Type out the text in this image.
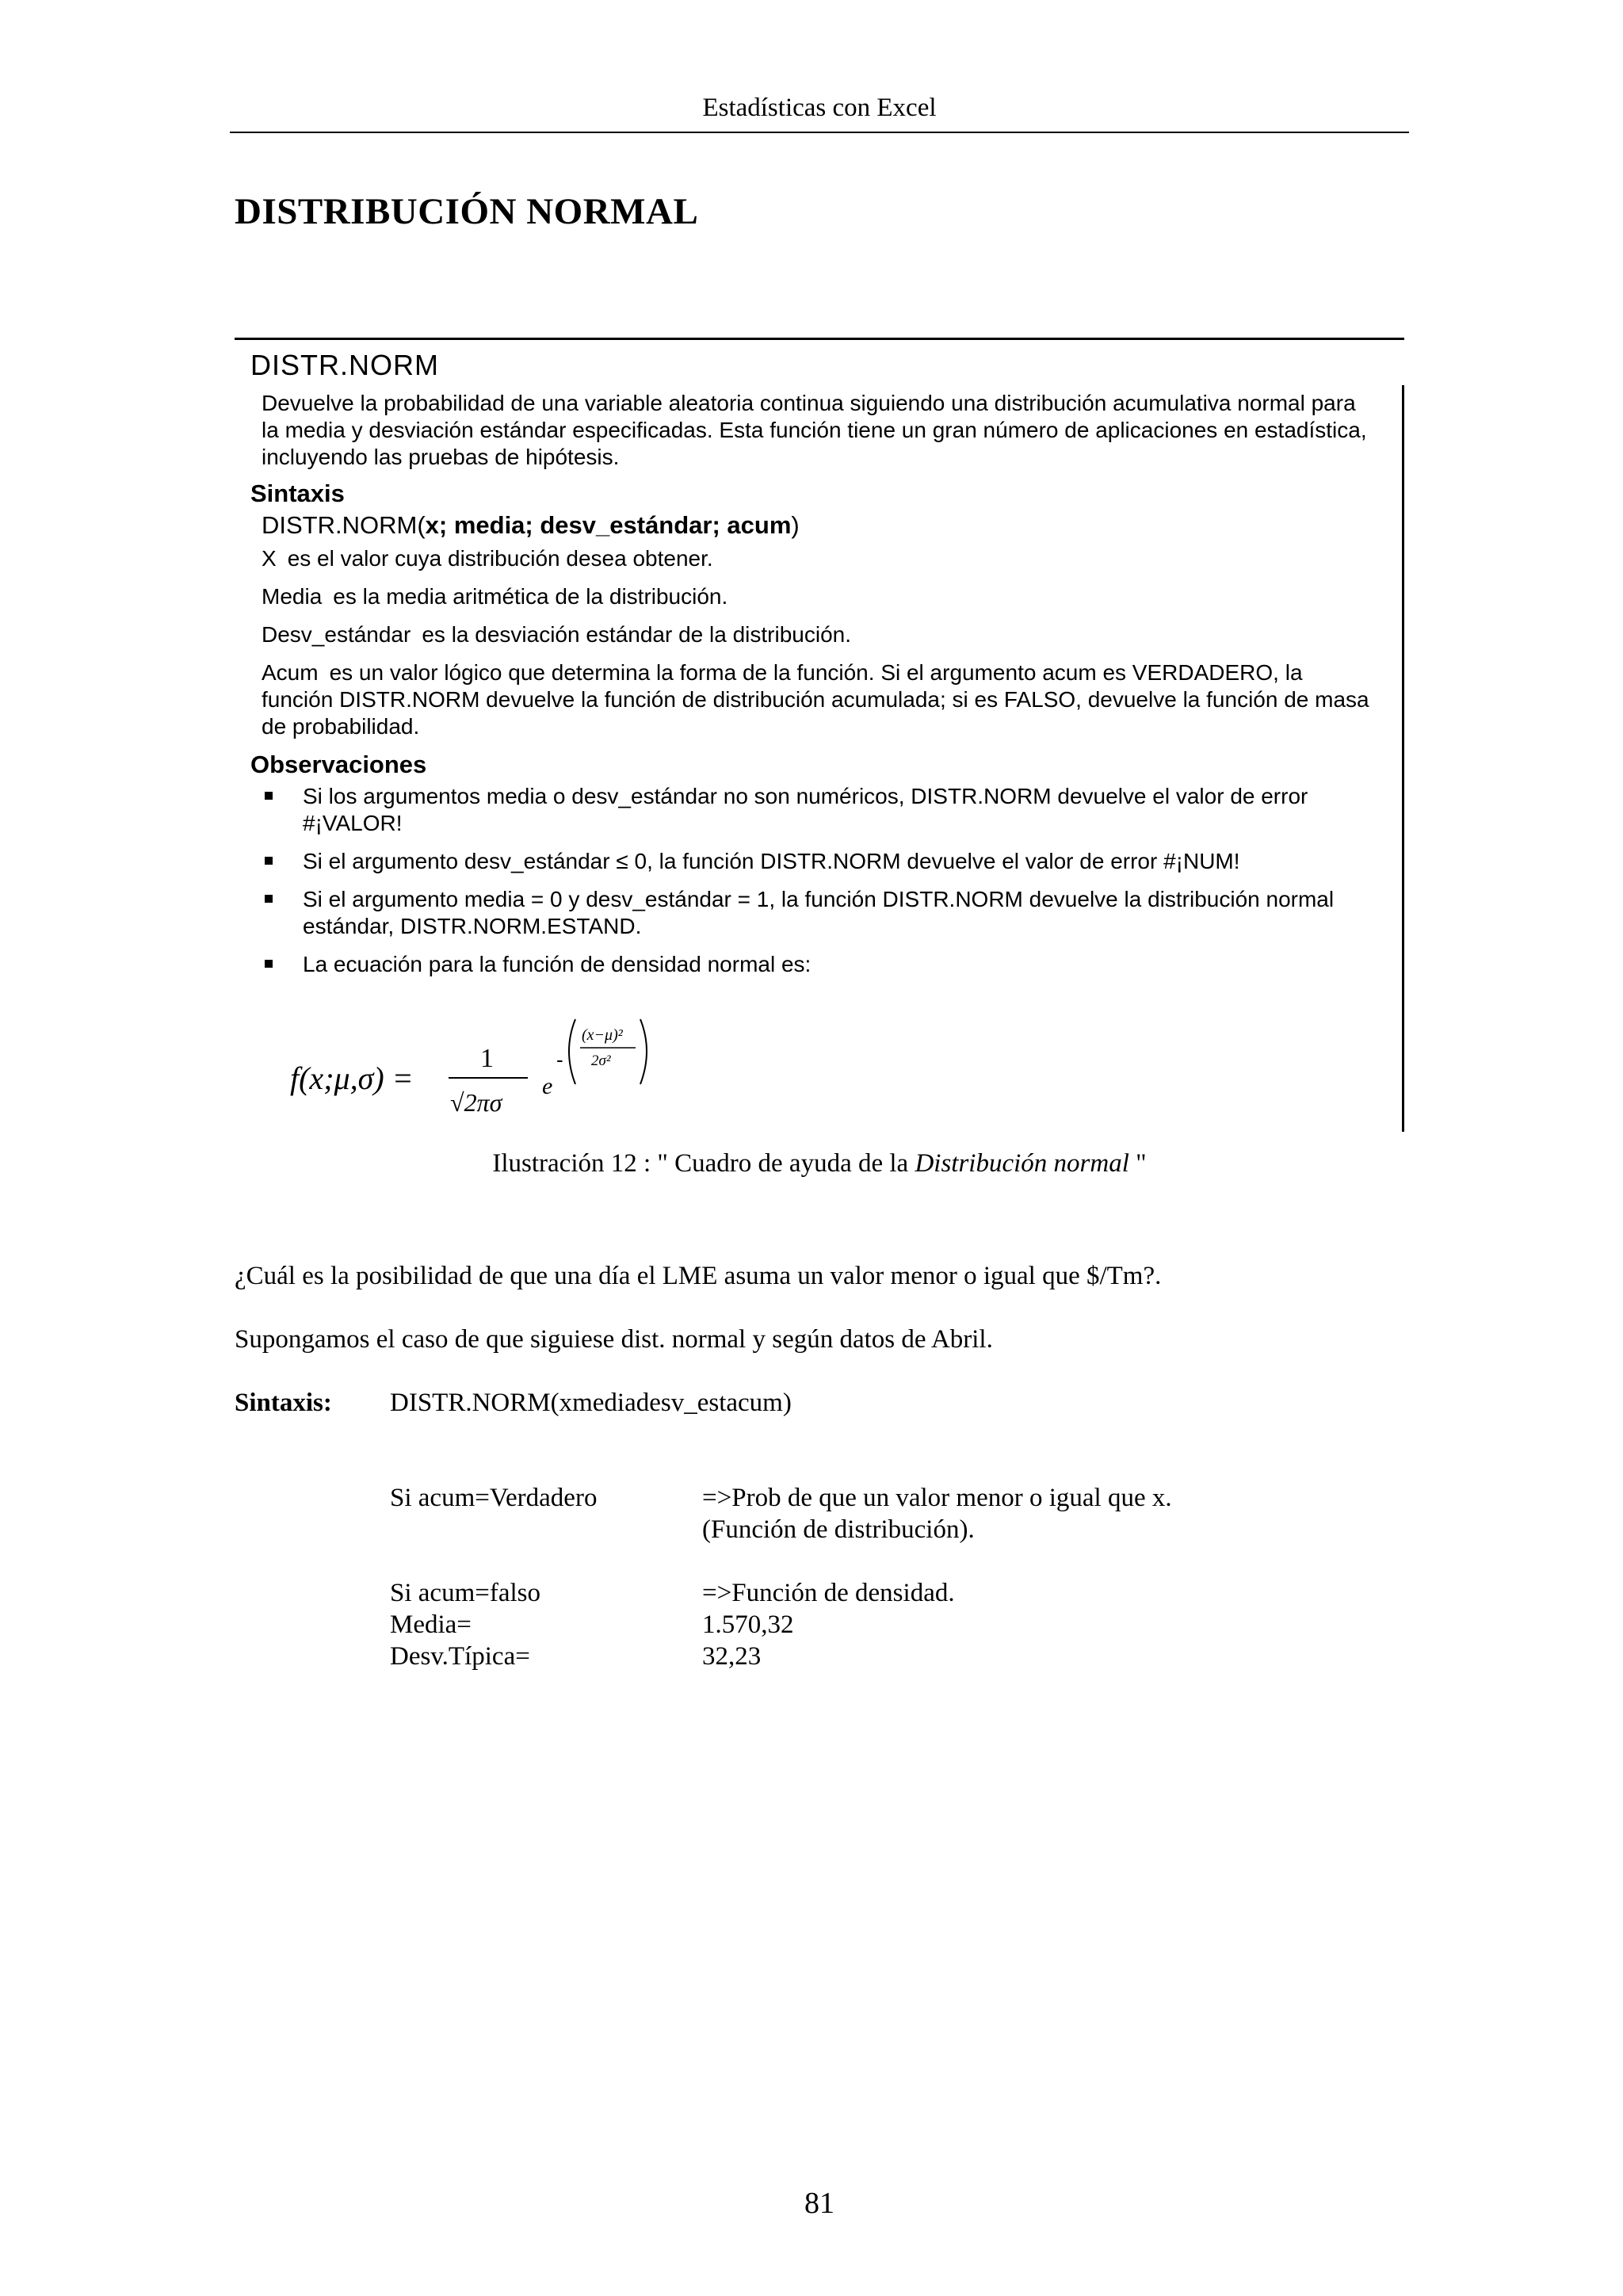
Estadísticas con Excel
DISTRIBUCIÓN NORMAL
DISTR.NORM

Devuelve la probabilidad de una variable aleatoria continua siguiendo una distribución acumulativa normal para la media y desviación estándar especificadas. Esta función tiene un gran número de aplicaciones en estadística, incluyendo las pruebas de hipótesis.

Sintaxis
DISTR.NORM(x; media; desv_estándar; acum)
X es el valor cuya distribución desea obtener.
Media es la media aritmética de la distribución.
Desv_estándar es la desviación estándar de la distribución.
Acum es un valor lógico que determina la forma de la función. Si el argumento acum es VERDADERO, la función DISTR.NORM devuelve la función de distribución acumulada; si es FALSO, devuelve la función de masa de probabilidad.
Observaciones
Si los argumentos media o desv_estándar no son numéricos, DISTR.NORM devuelve el valor de error #¡VALOR!
Si el argumento desv_estándar ≤ 0, la función DISTR.NORM devuelve el valor de error #¡NUM!
Si el argumento media = 0 y desv_estándar = 1, la función DISTR.NORM devuelve la distribución normal estándar, DISTR.NORM.ESTAND.
La ecuación para la función de densidad normal es:
f(x;μ,σ) =
1
√2πσ
e
-
(x−μ)²
2σ²
Ilustración 12 : " Cuadro de ayuda de la Distribución normal "
¿Cuál es la posibilidad de que una día el LME asuma un valor menor o igual que $/Tm?.
Supongamos el caso de que siguiese dist. normal y según datos de Abril.
Sintaxis: DISTR.NORM(xmediadesv_estacum)
Si acum=Verdadero	=>Prob de que un valor menor o igual que x.
(Función de distribución).
Si acum=falso	=>Función de densidad.
Media=	1.570,32
Desv.Típica=	32,23
81
